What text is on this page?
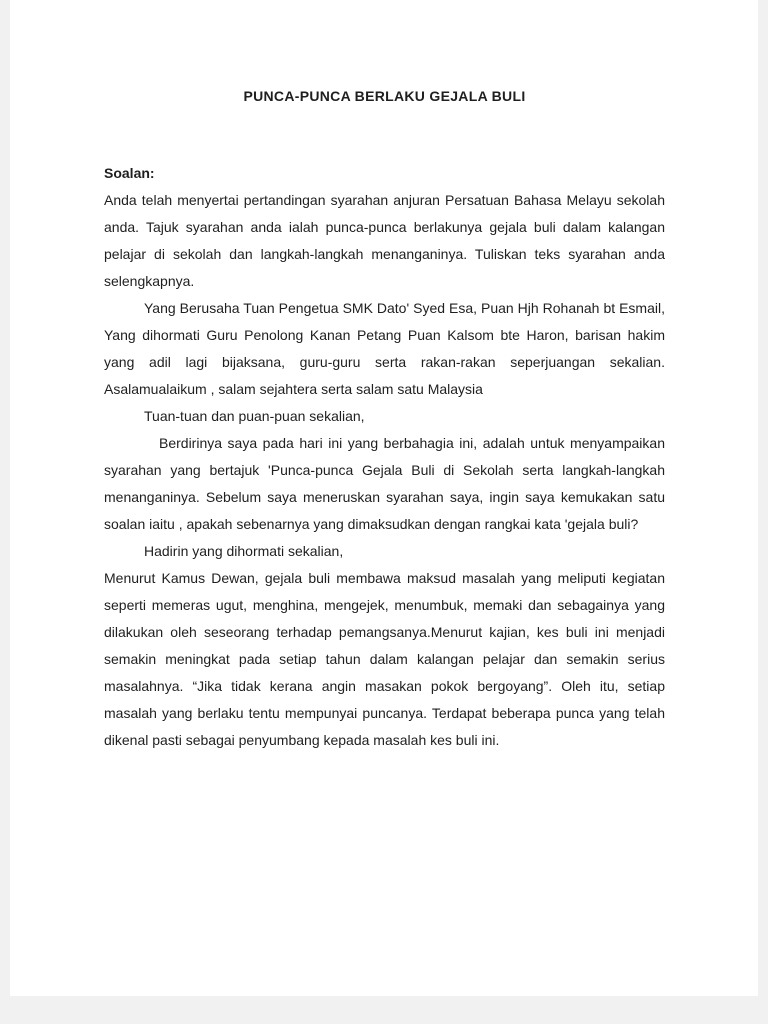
PUNCA-PUNCA BERLAKU GEJALA BULI

Soalan:

Anda telah menyertai pertandingan syarahan anjuran Persatuan Bahasa Melayu sekolah anda. Tajuk syarahan anda ialah punca-punca berlakunya gejala buli dalam kalangan pelajar di sekolah dan langkah-langkah menanganinya. Tuliskan teks syarahan anda selengkapnya.

Yang Berusaha Tuan Pengetua SMK Dato' Syed Esa, Puan Hjh Rohanah bt Esmail, Yang dihormati Guru Penolong Kanan Petang Puan Kalsom bte Haron, barisan hakim yang adil lagi bijaksana, guru-guru serta rakan-rakan seperjuangan sekalian. Asalamualaikum , salam sejahtera serta salam satu Malaysia

Tuan-tuan dan puan-puan sekalian,

Berdirinya saya pada hari ini yang berbahagia ini, adalah untuk menyampaikan syarahan yang bertajuk 'Punca-punca Gejala Buli di Sekolah serta langkah-langkah menanganinya. Sebelum saya meneruskan syarahan saya, ingin saya kemukakan satu soalan iaitu , apakah sebenarnya yang dimaksudkan dengan rangkai kata 'gejala buli?

Hadirin yang dihormati sekalian,

Menurut Kamus Dewan, gejala buli membawa maksud masalah yang meliputi kegiatan seperti memeras ugut, menghina, mengejek, menumbuk, memaki dan sebagainya yang dilakukan oleh seseorang terhadap pemangsanya.Menurut kajian, kes buli ini menjadi semakin meningkat pada setiap tahun dalam kalangan pelajar dan semakin serius masalahnya. “Jika tidak kerana angin masakan pokok bergoyang”. Oleh itu, setiap masalah yang berlaku tentu mempunyai puncanya. Terdapat beberapa punca yang telah dikenal pasti sebagai penyumbang kepada masalah kes buli ini.
